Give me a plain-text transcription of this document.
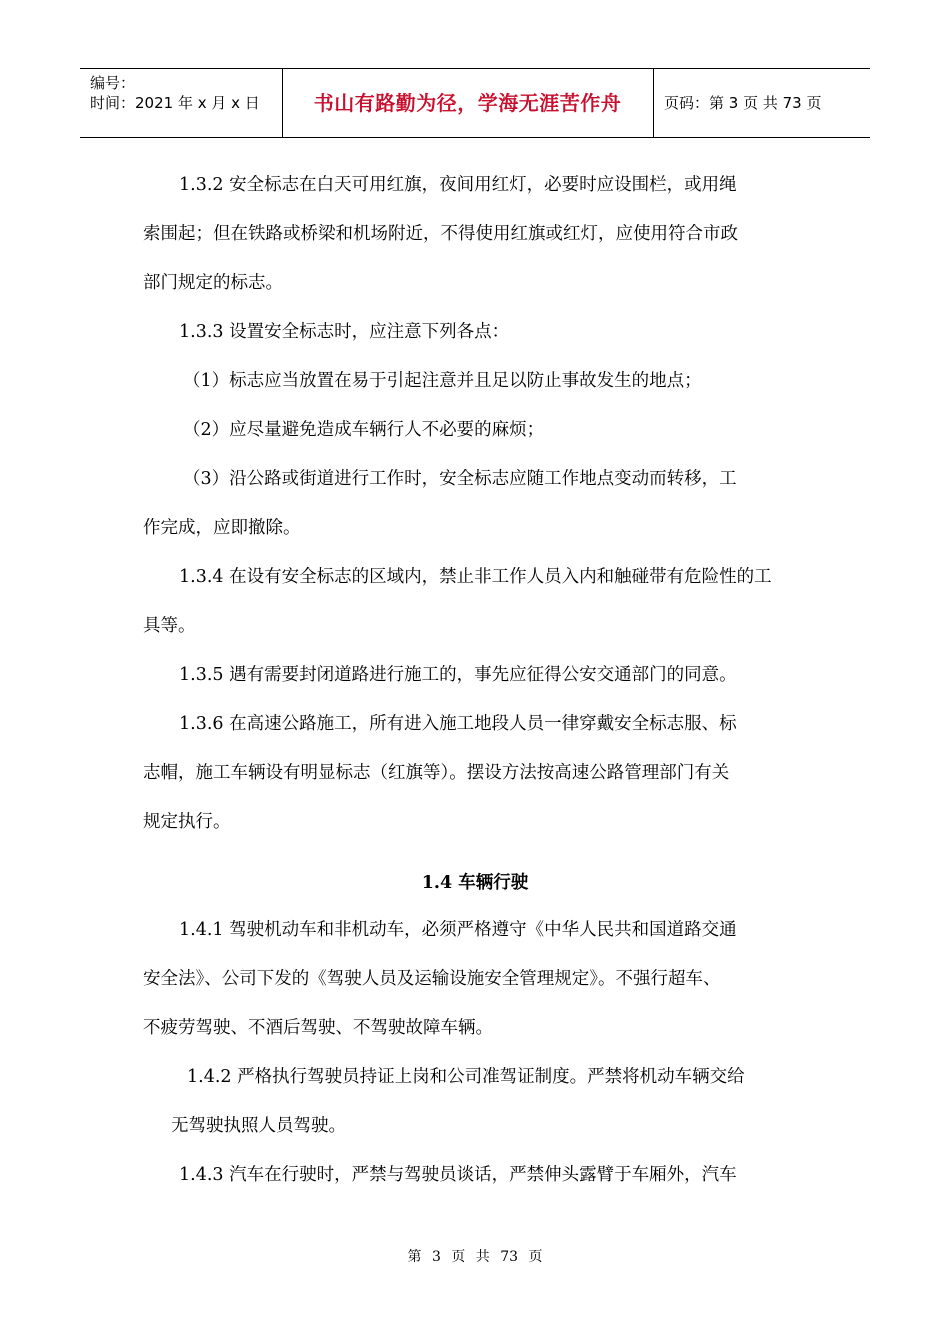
编号：
时间：2021 年 x 月 x 日	书山有路勤为径，学海无涯苦作舟	页码：第 3 页 共 73 页
1.3.2 安全标志在白天可用红旗，夜间用红灯，必要时应设围栏，或用绳
索围起；但在铁路或桥梁和机场附近，不得使用红旗或红灯，应使用符合市政
部门规定的标志。
1.3.3 设置安全标志时，应注意下列各点：
（1）标志应当放置在易于引起注意并且足以防止事故发生的地点；
（2）应尽量避免造成车辆行人不必要的麻烦；
（3）沿公路或街道进行工作时，安全标志应随工作地点变动而转移，工
作完成，应即撤除。
1.3.4 在设有安全标志的区域内，禁止非工作人员入内和触碰带有危险性的工
具等。
1.3.5 遇有需要封闭道路进行施工的，事先应征得公安交通部门的同意。
1.3.6 在高速公路施工，所有进入施工地段人员一律穿戴安全标志服、标
志帽，施工车辆设有明显标志（红旗等）。摆设方法按高速公路管理部门有关
规定执行。
1.4 车辆行驶
1.4.1 驾驶机动车和非机动车，必须严格遵守《中华人民共和国道路交通
安全法》、公司下发的《驾驶人员及运输设施安全管理规定》。不强行超车、
不疲劳驾驶、不酒后驾驶、不驾驶故障车辆。
1.4.2 严格执行驾驶员持证上岗和公司准驾证制度。严禁将机动车辆交给
无驾驶执照人员驾驶。
1.4.3 汽车在行驶时，严禁与驾驶员谈话，严禁伸头露臂于车厢外，汽车
第 3 页 共 73 页
